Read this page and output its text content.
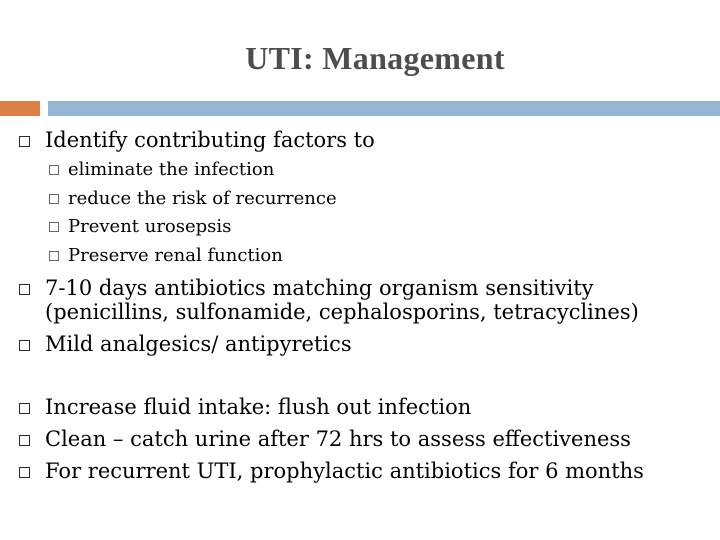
UTI: Management
Identify contributing factors to
eliminate the infection
reduce the risk of recurrence
Prevent urosepsis
Preserve renal function
7-10 days antibiotics matching organism sensitivity
(penicillins, sulfonamide, cephalosporins, tetracyclines)
Mild analgesics/ antipyretics
Increase fluid intake: flush out infection
Clean – catch urine after 72 hrs to assess effectiveness
For recurrent UTI, prophylactic antibiotics for 6 months
